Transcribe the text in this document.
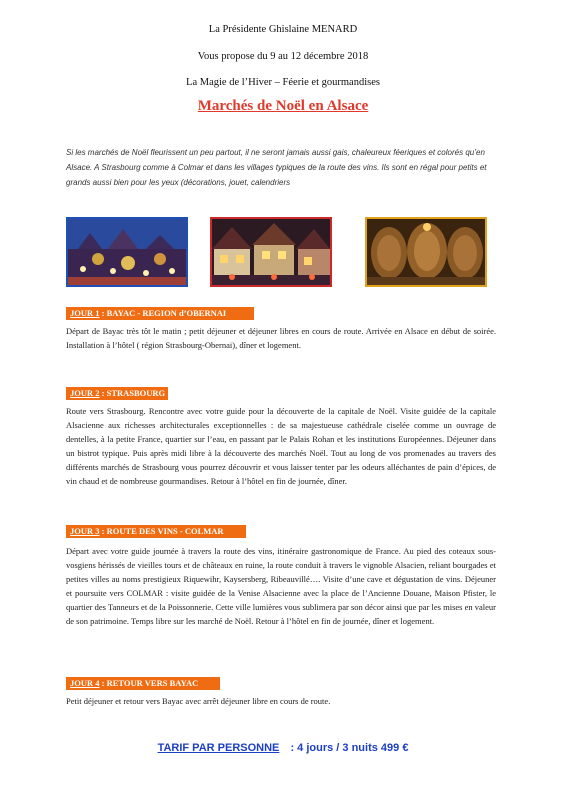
La Présidente Ghislaine MENARD
Vous propose du 9 au 12 décembre 2018
La Magie de l’Hiver – Féerie et gourmandises
Marchés de Noël en Alsace
Si les marchés de Noël fleurissent un peu partout, il ne seront jamais aussi gais, chaleureux féeriques et colorés qu’en Alsace. A Strasbourg comme à Colmar et dans les villages typiques de la route des vins. Ils sont en régal pour petits et grands aussi bien pour les yeux (décorations, jouet, calendriers
JOUR 1 : BAYAC - REGION d’OBERNAI
Départ de Bayac très tôt le matin ; petit déjeuner et déjeuner libres en cours de route. Arrivée en Alsace en début de soirée. Installation à l’hôtel ( région Strasbourg-Obernai), dîner et logement.
JOUR 2 : STRASBOURG
Route vers Strasbourg. Rencontre avec votre guide pour la découverte de la capitale de Noël. Visite guidée de la capitale Alsacienne aux richesses architecturales exceptionnelles : de sa majestueuse cathédrale ciselée comme un ouvrage de dentelles, à la petite France, quartier sur l’eau, en passant par le Palais Rohan et les institutions Européennes. Déjeuner dans un bistrot typique. Puis après midi libre à la découverte des marchés Noël. Tout au long de vos promenades au travers des différents marchés de Strasbourg vous pourrez découvrir et vous laisser tenter par les odeurs alléchantes de pain d’épices, de vin chaud et de nombreuse gourmandises. Retour à l’hôtel en fin de journée, dîner.
JOUR 3 : ROUTE DES VINS - COLMAR
Départ avec votre guide journée à travers la route des vins, itinéraire gastronomique de France. Au pied des coteaux sous-vosgiens hérissés de vieilles tours et de châteaux en ruine, la route conduit à travers le vignoble Alsacien, reliant bourgades et petites villes au noms prestigieux Riquewihr, Kaysersberg, Ribeauvillé…. Visite d’une cave et dégustation de vins. Déjeuner et poursuite vers COLMAR : visite guidée de la Venise Alsacienne avec la place de l’Ancienne Douane, Maison Pfister, le quartier des Tanneurs et de la Poissonnerie. Cette ville lumières vous sublimera par son décor ainsi que par les mises en valeur de son patrimoine. Temps libre sur les marché de Noël. Retour à l’hôtel en fin de journée, dîner et logement.
JOUR 4 : RETOUR VERS BAYAC
Petit déjeuner et retour vers Bayac avec arrêt déjeuner libre en cours de route.
TARIF PAR PERSONNE : 4 jours / 3 nuits 499 €
